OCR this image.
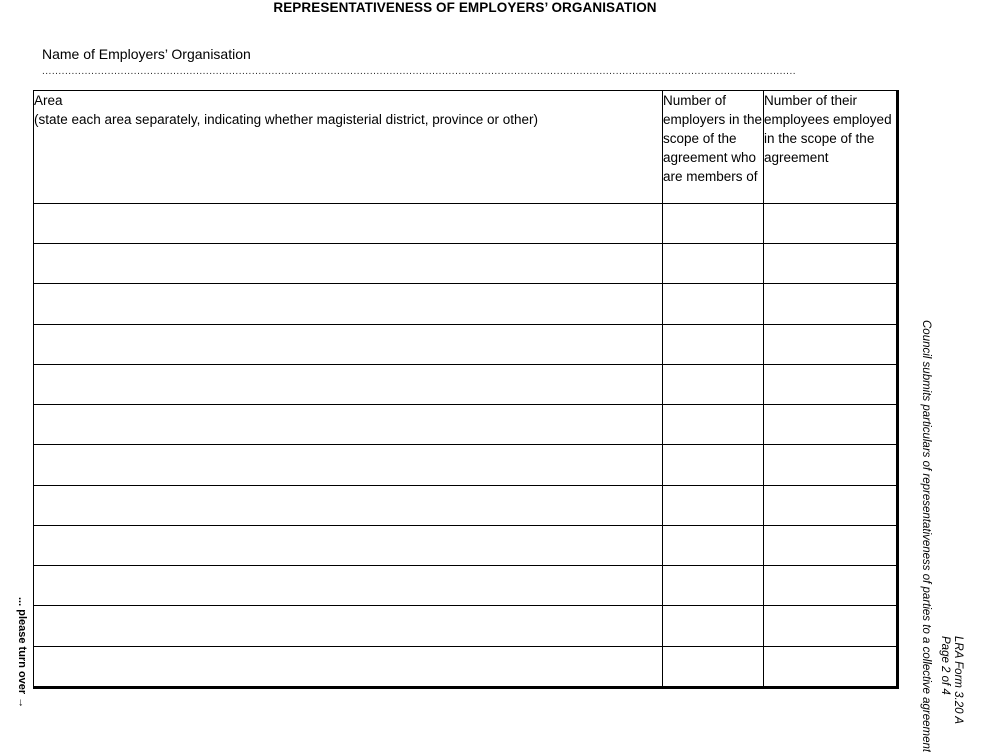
REPRESENTATIVENESS OF EMPLOYERS’ ORGANISATION
Name of Employers’ Organisation
......................................................................................................................................................................................................................................
Area
(state each area separately, indicating whether magisterial district, province or other)	Number of employers in the scope of the agreement who are members of	Number of their employees employed in the scope of the agreement

Council submits particulars of representativeness of parties to a collective agreement LRA Form 3.20 A
Page 2 of 4
... please turn over →
